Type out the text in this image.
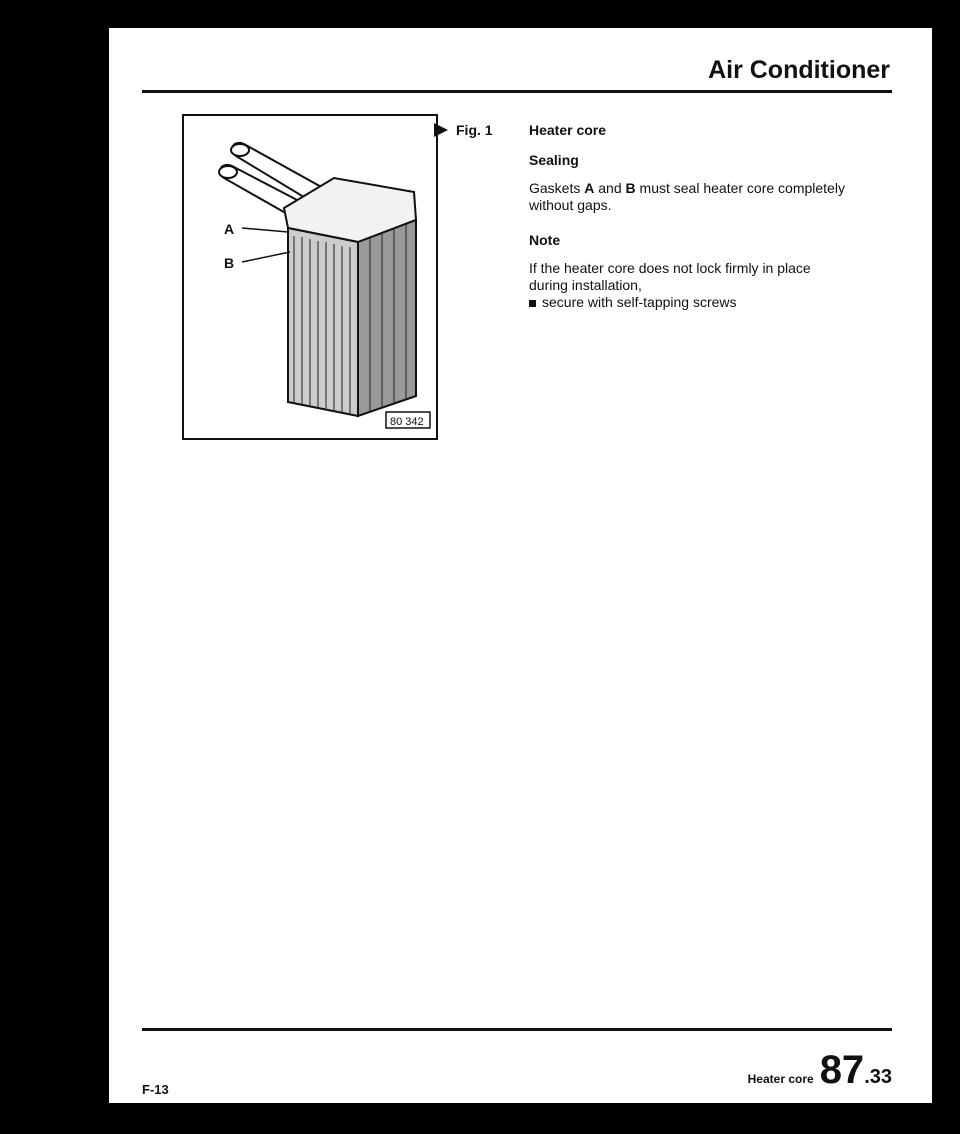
Air Conditioner
A
B
80 342
Fig. 1	Heater core
Sealing
Gaskets A and B must seal heater core completely without gaps.
Note
If the heater core does not lock firmly in place
during installation,
secure with self-tapping screws
F-13
Heater core 87 .33
